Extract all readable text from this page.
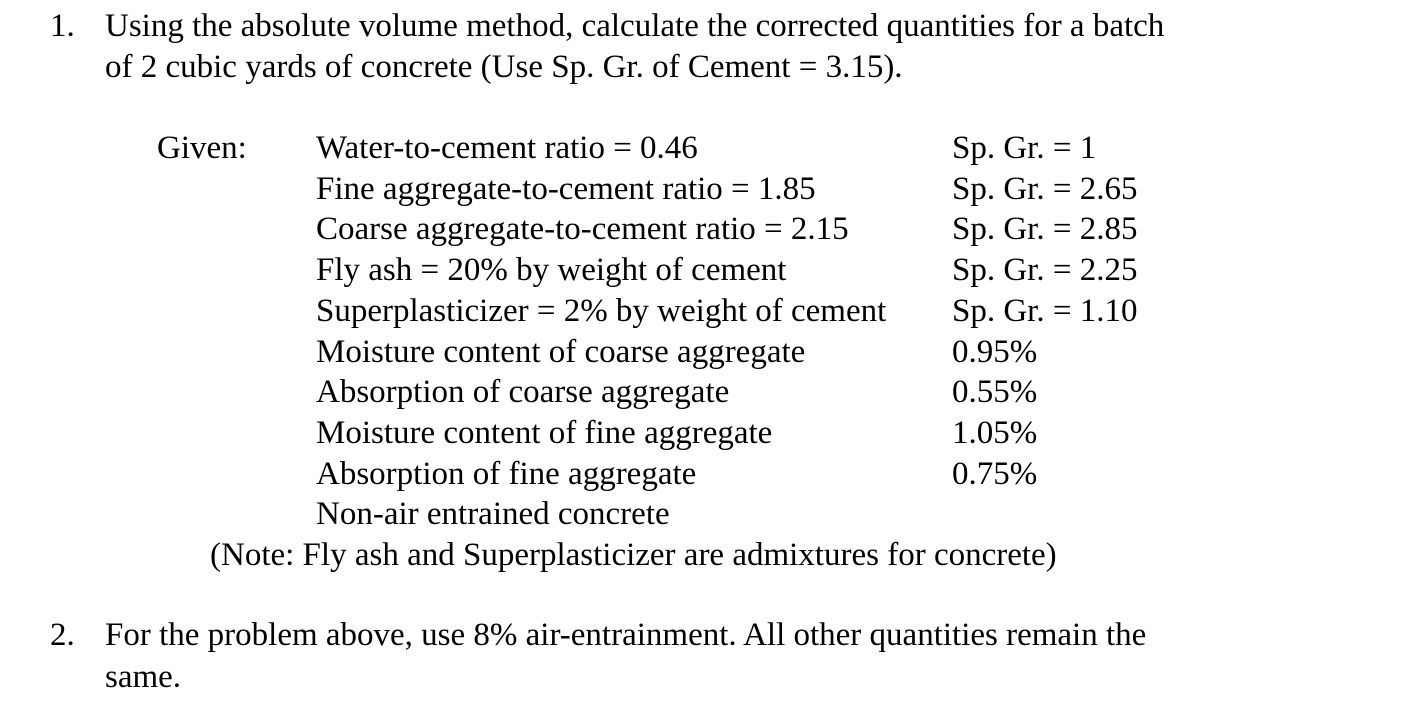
1. Using the absolute volume method, calculate the corrected quantities for a batch
of 2 cubic yards of concrete (Use Sp. Gr. of Cement = 3.15).
Given: Water-to-cement ratio = 0.46	Sp. Gr. = 1
Fine aggregate-to-cement ratio = 1.85	Sp. Gr. = 2.65
Coarse aggregate-to-cement ratio = 2.15	Sp. Gr. = 2.85
Fly ash = 20% by weight of cement	Sp. Gr. = 2.25
Superplasticizer = 2% by weight of cement Sp. Gr. = 1.10
Moisture content of coarse aggregate	0.95%
Absorption of coarse aggregate	0.55%
Moisture content of fine aggregate	1.05%
Absorption of fine aggregate	0.75%
Non-air entrained concrete
(Note: Fly ash and Superplasticizer are admixtures for concrete)
2. For the problem above, use 8% air-entrainment. All other quantities remain the
same.
